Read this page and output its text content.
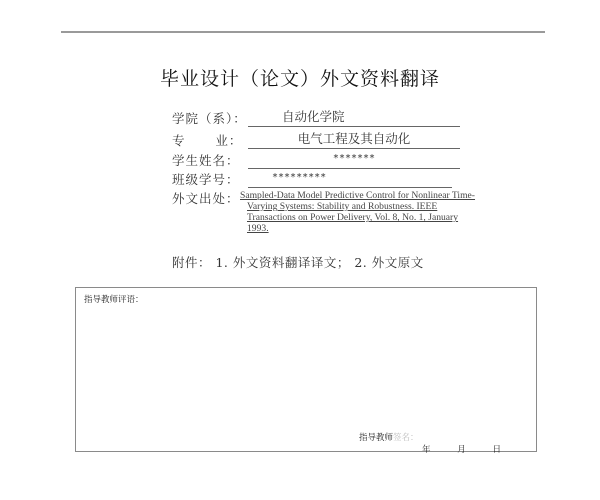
毕业设计（论文）外文资料翻译
学院（系）：	自动化学院
专      业：	电气工程及其自动化
学生姓名：	*******
班级学号：	*********
外文出处： Sampled-Data Model Predictive Control for Nonlinear Time-
Varying Systems: Stability and Robustness. IEEE
Transactions on Power Delivery, Vol. 8, No. 1, January
1993.
附件： 1. 外文资料翻译译文； 2. 外文原文
指导教师评语：
指导教师签名：
年	月	日
